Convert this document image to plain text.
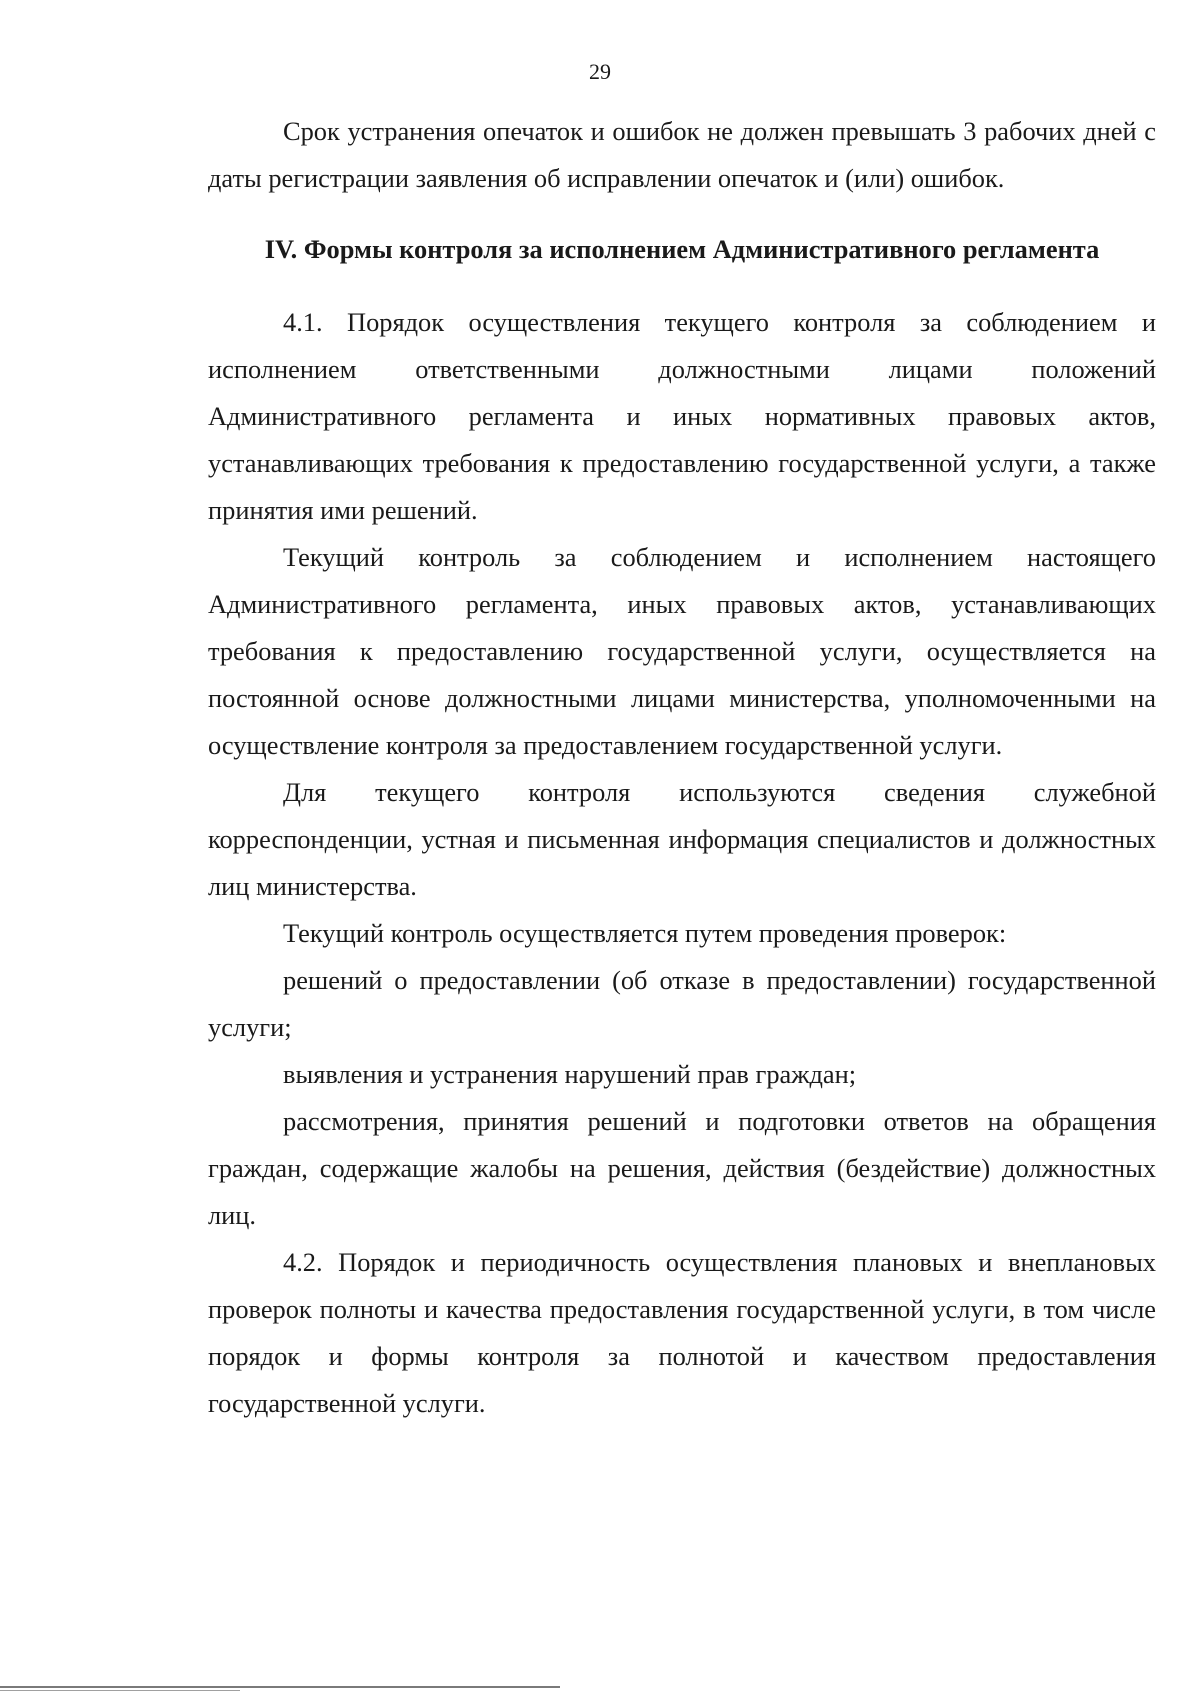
29

Срок устранения опечаток и ошибок не должен превышать 3 рабочих дней с даты регистрации заявления об исправлении опечаток и (или) ошибок.

IV. Формы контроля за исполнением Административного регламента

4.1. Порядок осуществления текущего контроля за соблюдением и исполнением ответственными должностными лицами положений Административного регламента и иных нормативных правовых актов, устанавливающих требования к предоставлению государственной услуги, а также принятия ими решений.

Текущий контроль за соблюдением и исполнением настоящего Административного регламента, иных правовых актов, устанавливающих требования к предоставлению государственной услуги, осуществляется на постоянной основе должностными лицами министерства, уполномоченными на осуществление контроля за предоставлением государственной услуги.

Для текущего контроля используются сведения служебной корреспонденции, устная и письменная информация специалистов и должностных лиц министерства.

Текущий контроль осуществляется путем проведения проверок:

решений о предоставлении (об отказе в предоставлении) государственной услуги;

выявления и устранения нарушений прав граждан;

рассмотрения, принятия решений и подготовки ответов на обращения граждан, содержащие жалобы на решения, действия (бездействие) должностных лиц.

4.2. Порядок и периодичность осуществления плановых и внеплановых проверок полноты и качества предоставления государственной услуги, в том числе порядок и формы контроля за полнотой и качеством предоставления государственной услуги.
